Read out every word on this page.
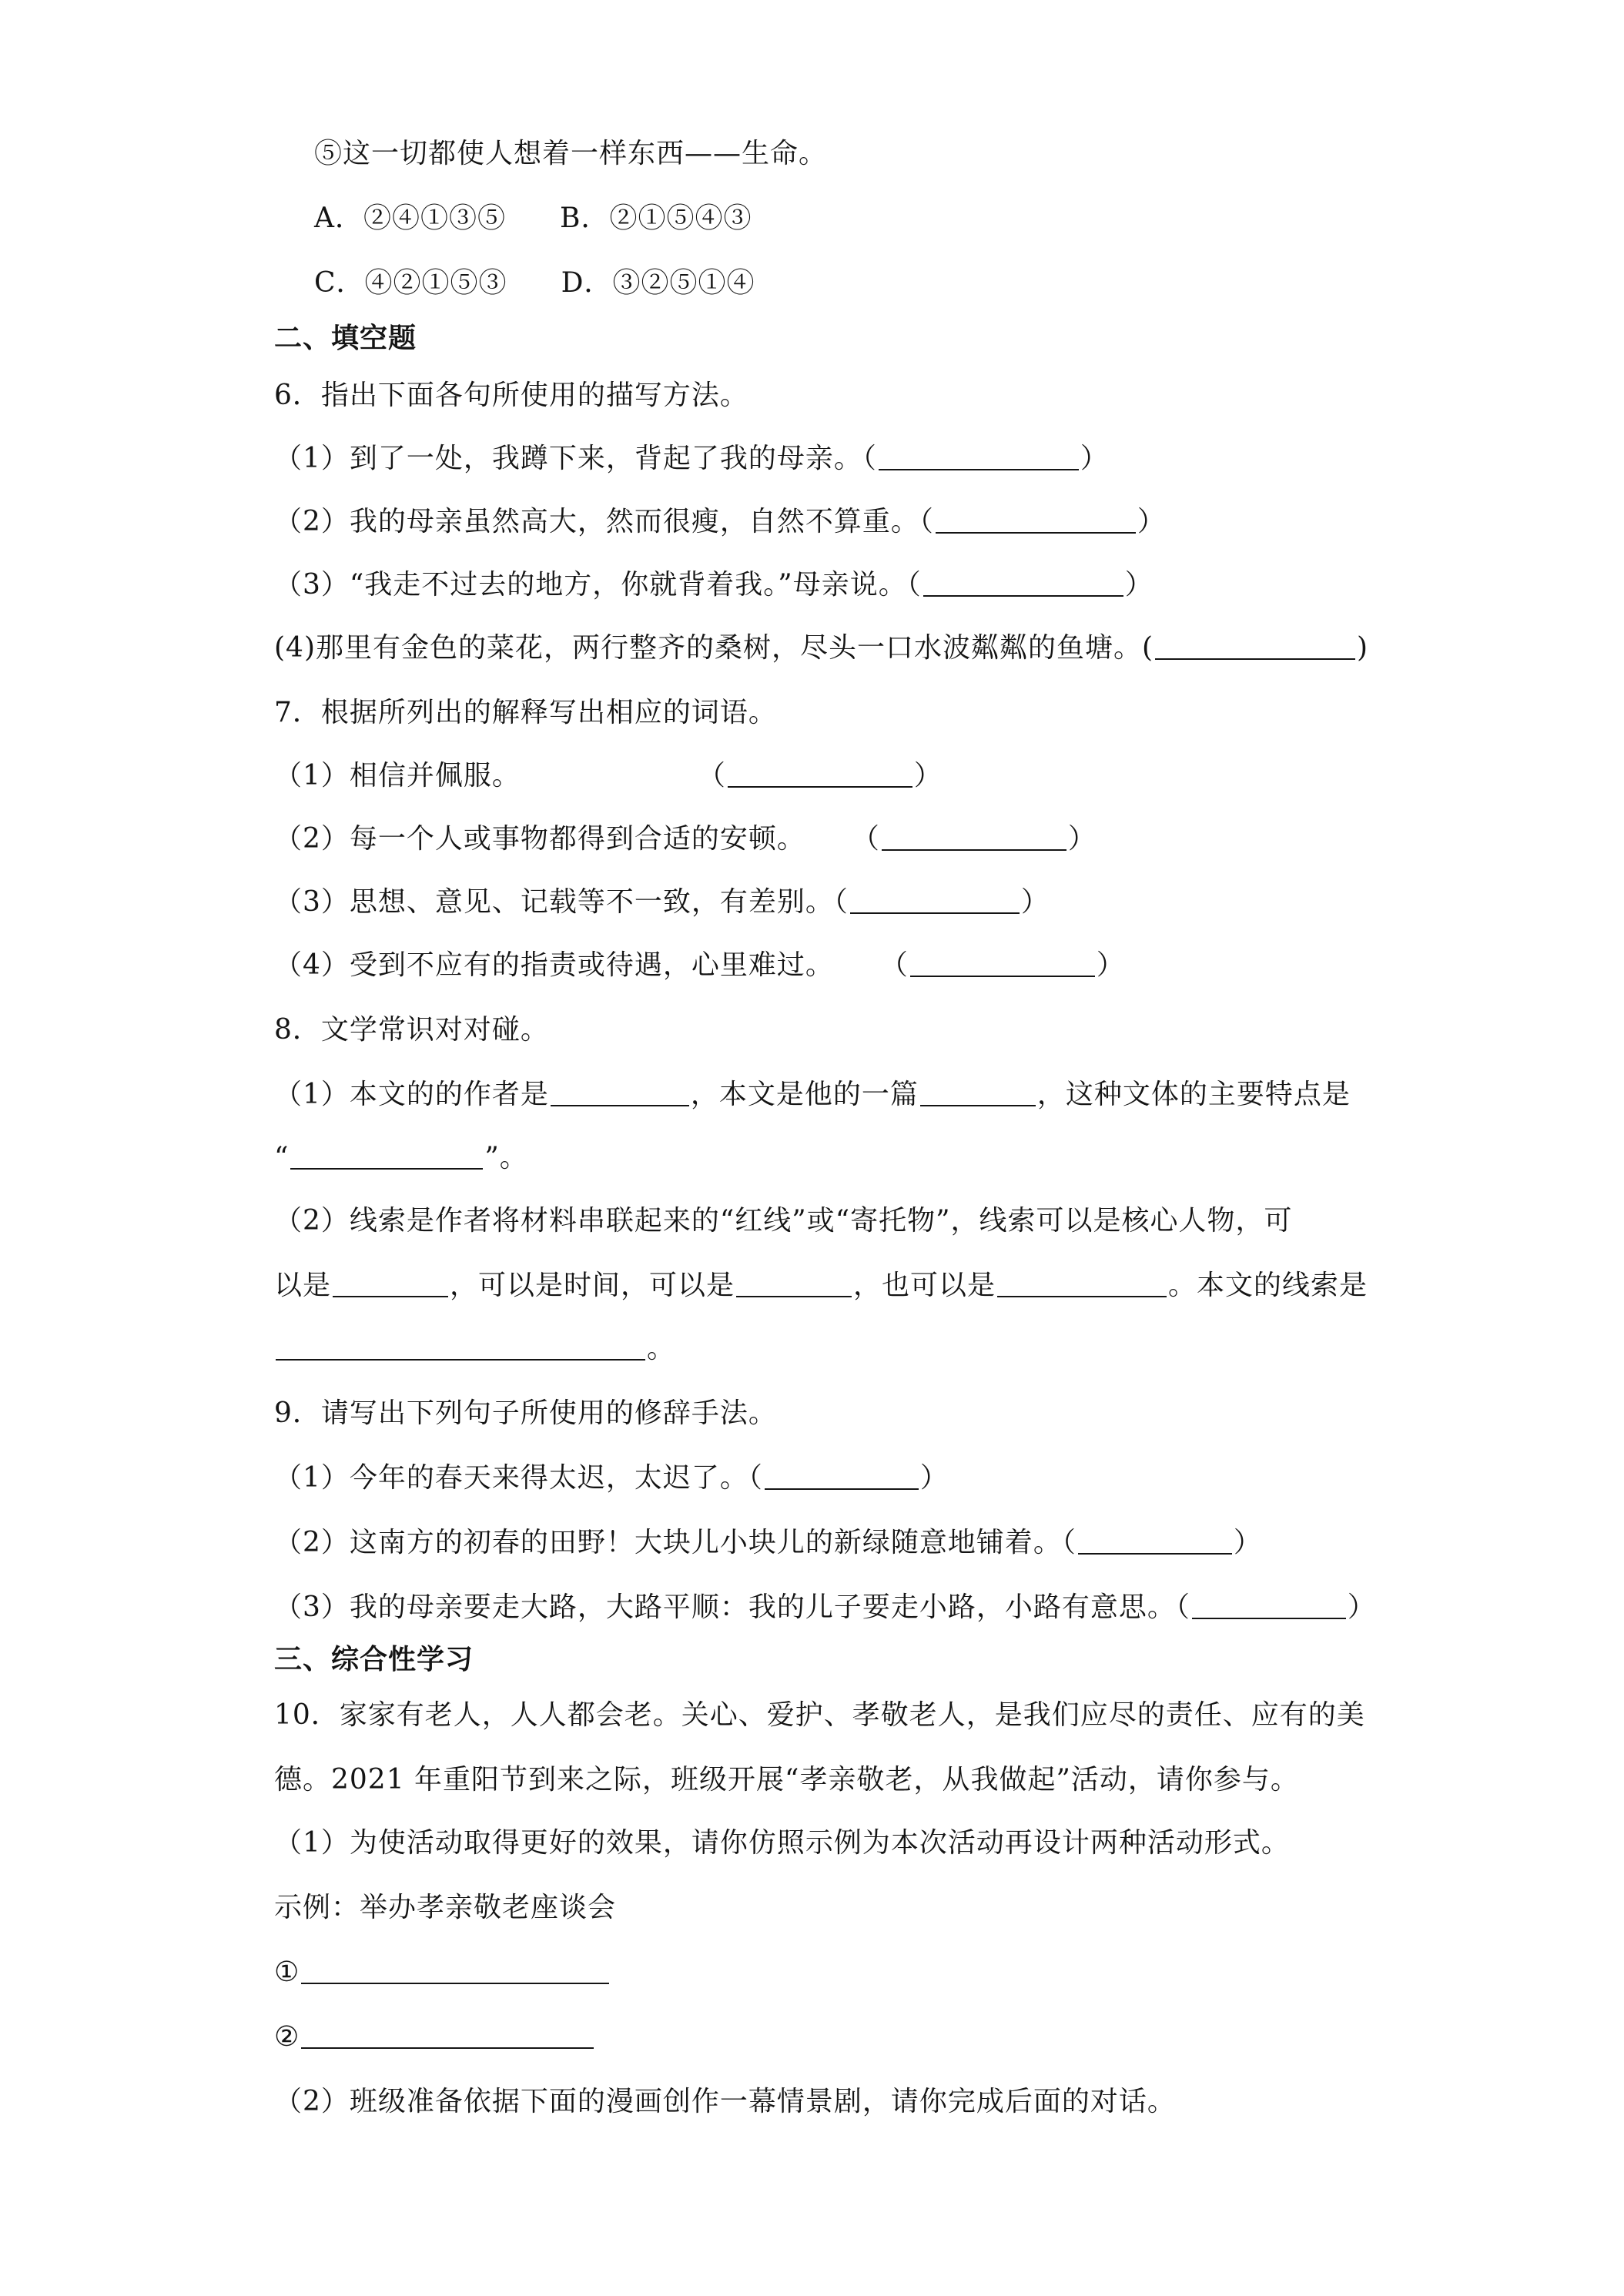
⑤这一切都使人想着一样东西——生命。
A．②④①③⑤ B．②①⑤④③
C．④②①⑤③ D．③②⑤①④
二、填空题
6．指出下面各句所使用的描写方法。
（1）到了一处，我蹲下来，背起了我的母亲。（	）
（2）我的母亲虽然高大，然而很瘦，自然不算重。（	）
（3）“我走不过去的地方，你就背着我。”母亲说。（	）
(4)那里有金色的菜花，两行整齐的桑树，尽头一口水波粼粼的鱼塘。(	)
7．根据所列出的解释写出相应的词语。
（1）相信并佩服。	（	）
（2）每一个人或事物都得到合适的安顿。 （	）
（3）思想、意见、记载等不一致，有差别。（	）
（4）受到不应有的指责或待遇，心里难过。 （	）
8．文学常识对对碰。
（1）本文的的作者是	，本文是他的一篇	，这种文体的主要特点是
“	”。
（2）线索是作者将材料串联起来的“红线”或“寄托物”，线索可以是核心人物，可
以是	，可以是时间，可以是	，也可以是	。本文的线索是
。
9．请写出下列句子所使用的修辞手法。
（1）今年的春天来得太迟，太迟了。（	）
（2）这南方的初春的田野！大块儿小块儿的新绿随意地铺着。（	）
（3）我的母亲要走大路，大路平顺：我的儿子要走小路，小路有意思。（	）
三、综合性学习
10．家家有老人，人人都会老。关心、爱护、孝敬老人，是我们应尽的责任、应有的美
德。2021 年重阳节到来之际，班级开展“孝亲敬老，从我做起”活动，请你参与。
（1）为使活动取得更好的效果，请你仿照示例为本次活动再设计两种活动形式。
示例：举办孝亲敬老座谈会
①
②
（2）班级准备依据下面的漫画创作一幕情景剧，请你完成后面的对话。
